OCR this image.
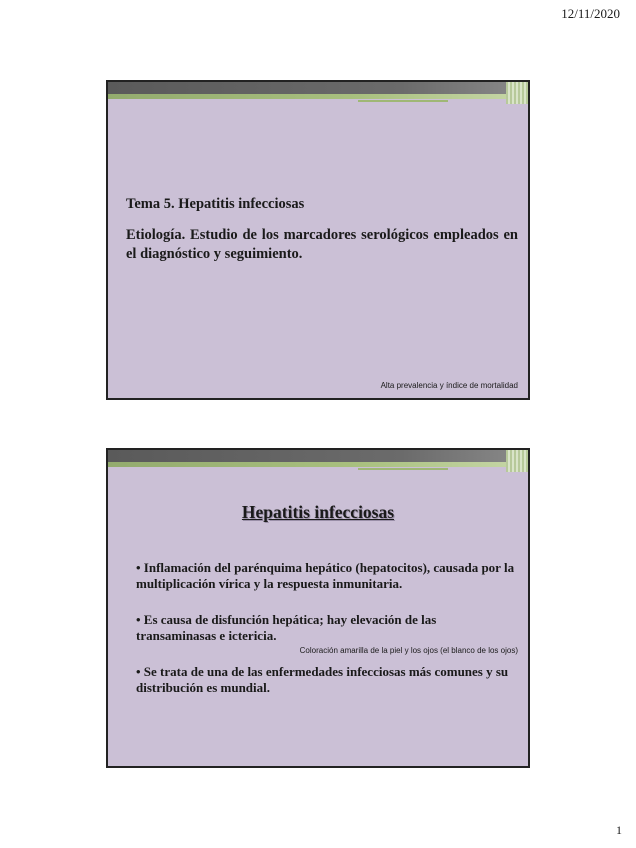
12/11/2020
Tema 5. Hepatitis infecciosas
Etiología. Estudio de los marcadores serológicos empleados en el diagnóstico y seguimiento.
Alta prevalencia y índice de mortalidad
Hepatitis infecciosas
• Inflamación del parénquima hepático (hepatocitos), causada por la multiplicación vírica y la respuesta inmunitaria.
• Es causa de disfunción hepática; hay elevación de las transaminasas e ictericia.
Coloración amarilla de la piel y los ojos (el blanco de los ojos)
• Se trata de una de las enfermedades infecciosas más comunes y su distribución es mundial.
1
